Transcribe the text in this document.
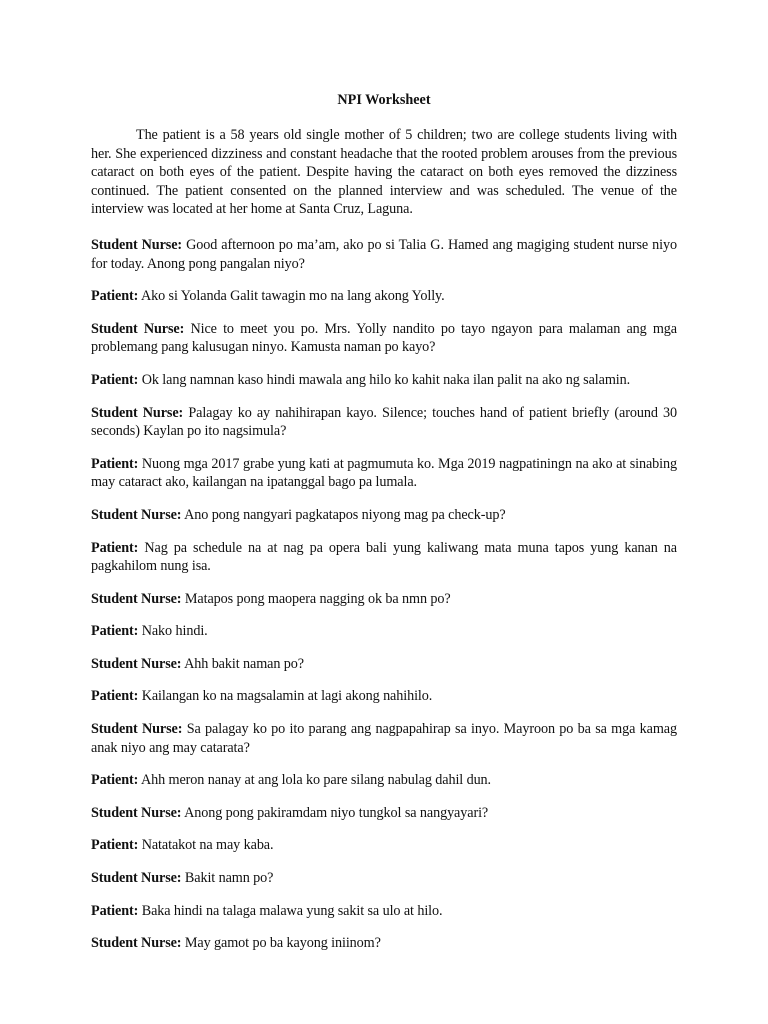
NPI Worksheet

The patient is a 58 years old single mother of 5 children; two are college students living with her. She experienced dizziness and constant headache that the rooted problem arouses from the previous cataract on both eyes of the patient. Despite having the cataract on both eyes removed the dizziness continued. The patient consented on the planned interview and was scheduled. The venue of the interview was located at her home at Santa Cruz, Laguna.

Student Nurse: Good afternoon po ma’am, ako po si Talia G. Hamed ang magiging student nurse niyo for today. Anong pong pangalan niyo?

Patient: Ako si Yolanda Galit tawagin mo na lang akong Yolly.

Student Nurse: Nice to meet you po. Mrs. Yolly nandito po tayo ngayon para malaman ang mga problemang pang kalusugan ninyo. Kamusta naman po kayo?

Patient: Ok lang namnan kaso hindi mawala ang hilo ko kahit naka ilan palit na ako ng salamin.

Student Nurse: Palagay ko ay nahihirapan kayo. Silence; touches hand of patient briefly (around 30 seconds) Kaylan po ito nagsimula?

Patient: Nuong mga 2017 grabe yung kati at pagmumuta ko. Mga 2019 nagpatiningn na ako at sinabing may cataract ako, kailangan na ipatanggal bago pa lumala.

Student Nurse: Ano pong nangyari pagkatapos niyong mag pa check-up?

Patient: Nag pa schedule na at nag pa opera bali yung kaliwang mata muna tapos yung kanan na pagkahilom nung isa.

Student Nurse: Matapos pong maopera nagging ok ba nmn po?

Patient: Nako hindi.

Student Nurse: Ahh bakit naman po?

Patient: Kailangan ko na magsalamin at lagi akong nahihilo.

Student Nurse: Sa palagay ko po ito parang ang nagpapahirap sa inyo. Mayroon po ba sa mga kamag anak niyo ang may catarata?

Patient: Ahh meron nanay at ang lola ko pare silang nabulag dahil dun.

Student Nurse: Anong pong pakiramdam niyo tungkol sa nangyayari?

Patient: Natatakot na may kaba.

Student Nurse: Bakit namn po?

Patient: Baka hindi na talaga malawa yung sakit sa ulo at hilo.

Student Nurse: May gamot po ba kayong iniinom?
